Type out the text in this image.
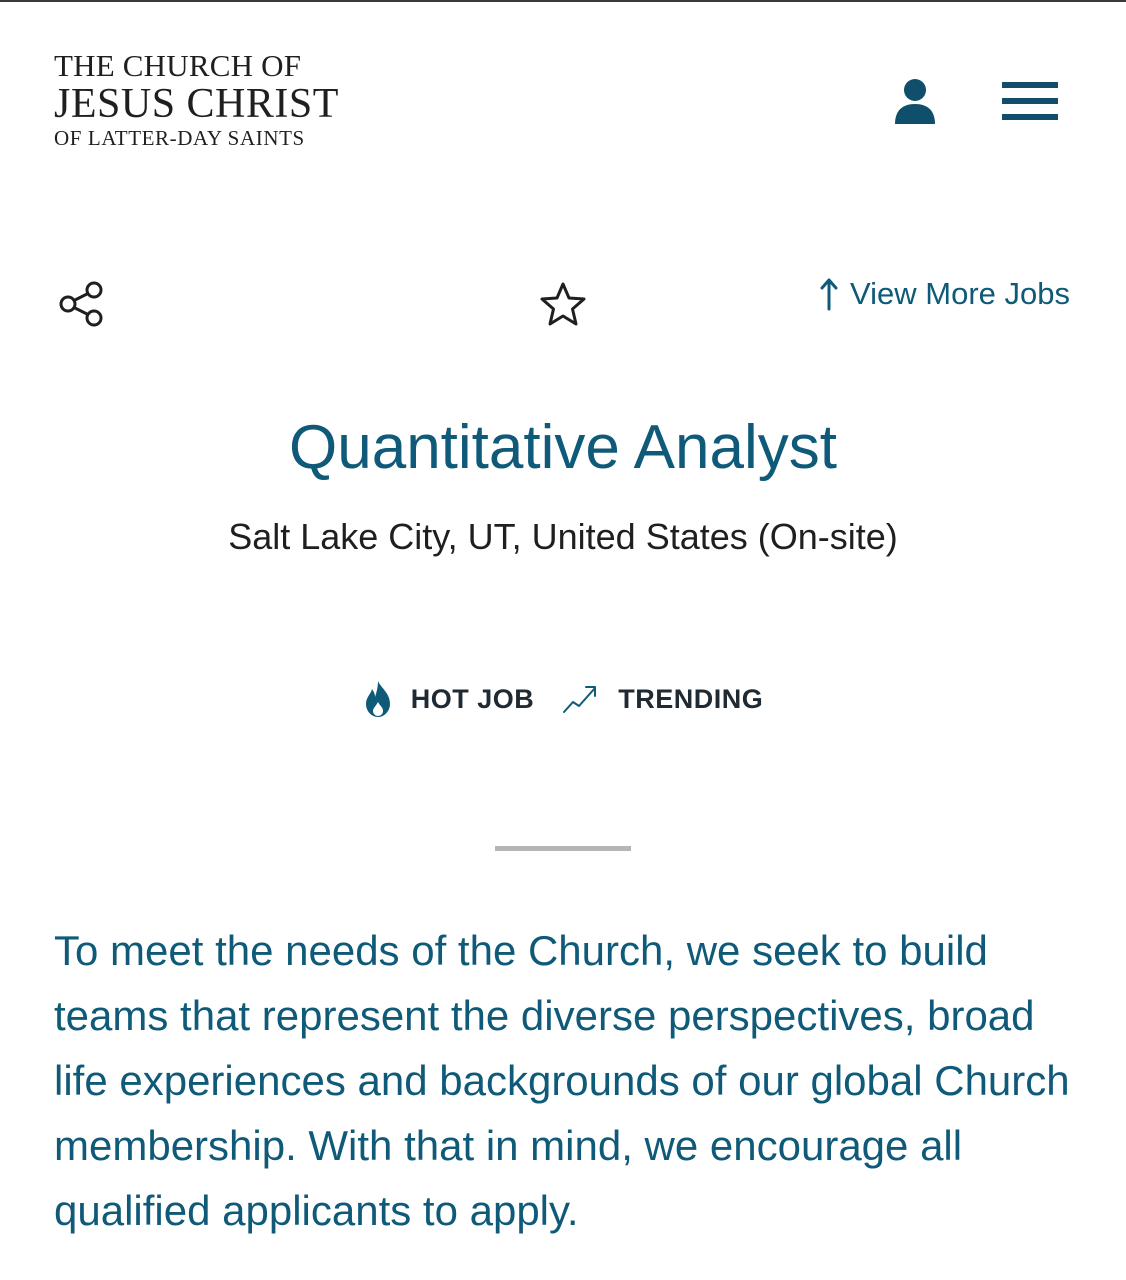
THE CHURCH OF
JESUS CHRIST
OF LATTER-DAY SAINTS
View More Jobs
Quantitative Analyst
Salt Lake City, UT, United States (On-site)
HOT JOB	TRENDING

To meet the needs of the Church, we seek to build teams that represent the diverse perspectives, broad life experiences and backgrounds of our global Church membership. With that in mind, we encourage all qualified applicants to apply.
